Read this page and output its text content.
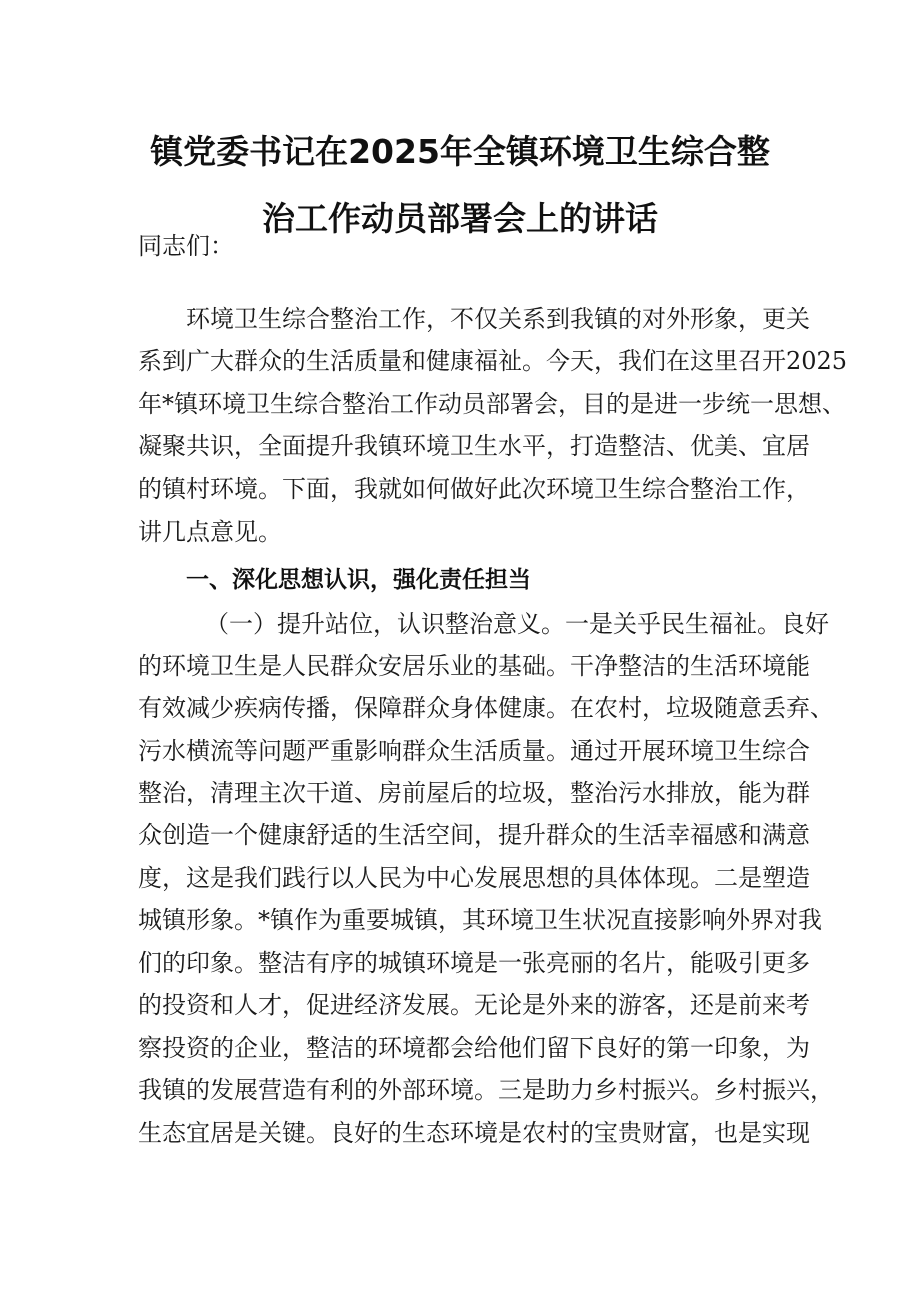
镇党委书记在2025年全镇环境卫生综合整
治工作动员部署会上的讲话
同志们：
环境卫生综合整治工作，不仅关系到我镇的对外形象，更关
系到广大群众的生活质量和健康福祉。今天，我们在这里召开2025
年*镇环境卫生综合整治工作动员部署会，目的是进一步统一思想、
凝聚共识，全面提升我镇环境卫生水平，打造整洁、优美、宜居
的镇村环境。下面，我就如何做好此次环境卫生综合整治工作，
讲几点意见。
一、深化思想认识，强化责任担当
（一）提升站位，认识整治意义。一是关乎民生福祉。良好
的环境卫生是人民群众安居乐业的基础。干净整洁的生活环境能
有效减少疾病传播，保障群众身体健康。在农村，垃圾随意丢弃、
污水横流等问题严重影响群众生活质量。通过开展环境卫生综合
整治，清理主次干道、房前屋后的垃圾，整治污水排放，能为群
众创造一个健康舒适的生活空间，提升群众的生活幸福感和满意
度，这是我们践行以人民为中心发展思想的具体体现。二是塑造
城镇形象。*镇作为重要城镇，其环境卫生状况直接影响外界对我
们的印象。整洁有序的城镇环境是一张亮丽的名片，能吸引更多
的投资和人才，促进经济发展。无论是外来的游客，还是前来考
察投资的企业，整洁的环境都会给他们留下良好的第一印象，为
我镇的发展营造有利的外部环境。三是助力乡村振兴。乡村振兴，
生态宜居是关键。良好的生态环境是农村的宝贵财富，也是实现
